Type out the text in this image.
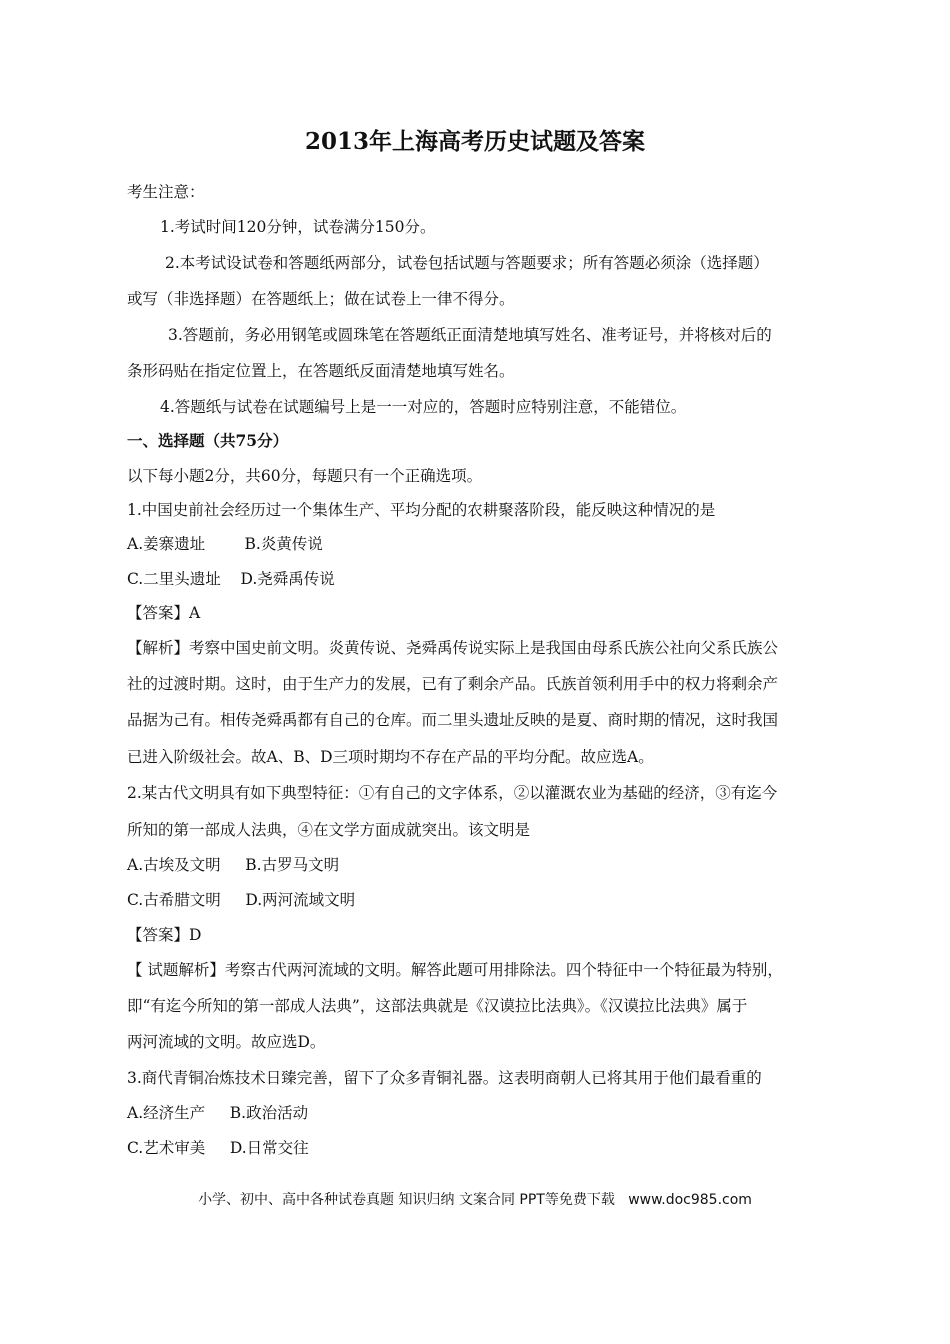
2013年上海高考历史试题及答案
考生注意：
1.考试时间120分钟，试卷满分150分。
2.本考试设试卷和答题纸两部分，试卷包括试题与答题要求；所有答题必须涂（选择题）
或写（非选择题）在答题纸上；做在试卷上一律不得分。
3.答题前，务必用钢笔或圆珠笔在答题纸正面清楚地填写姓名、准考证号，并将核对后的
条形码贴在指定位置上，在答题纸反面清楚地填写姓名。
4.答题纸与试卷在试题编号上是一一对应的，答题时应特别注意，不能错位。
一、选择题（共75分）
以下每小题2分，共60分，每题只有一个正确选项。
1.中国史前社会经历过一个集体生产、平均分配的农耕聚落阶段，能反映这种情况的是
A.姜寨遗址        B.炎黄传说
C.二里头遗址    D.尧舜禹传说
【答案】A
【解析】考察中国史前文明。炎黄传说、尧舜禹传说实际上是我国由母系氏族公社向父系氏族公
社的过渡时期。这时，由于生产力的发展，已有了剩余产品。氏族首领利用手中的权力将剩余产
品据为己有。相传尧舜禹都有自己的仓库。而二里头遗址反映的是夏、商时期的情况，这时我国
已进入阶级社会。故A、B、D三项时期均不存在产品的平均分配。故应选A。
2.某古代文明具有如下典型特征：①有自己的文字体系，②以灌溉农业为基础的经济，③有迄今
所知的第一部成人法典，④在文学方面成就突出。该文明是
A.古埃及文明     B.古罗马文明
C.古希腊文明     D.两河流域文明
【答案】D
【 试题解析】考察古代两河流域的文明。解答此题可用排除法。四个特征中一个特征最为特别，
即“有迄今所知的第一部成人法典”，这部法典就是《汉谟拉比法典》。《汉谟拉比法典》属于
两河流域的文明。故应选D。
3.商代青铜冶炼技术日臻完善，留下了众多青铜礼器。这表明商朝人已将其用于他们最看重的
A.经济生产     B.政治活动
C.艺术审美     D.日常交往
小学、初中、高中各种试卷真题 知识归纳 文案合同 PPT等免费下载   www.doc985.com
